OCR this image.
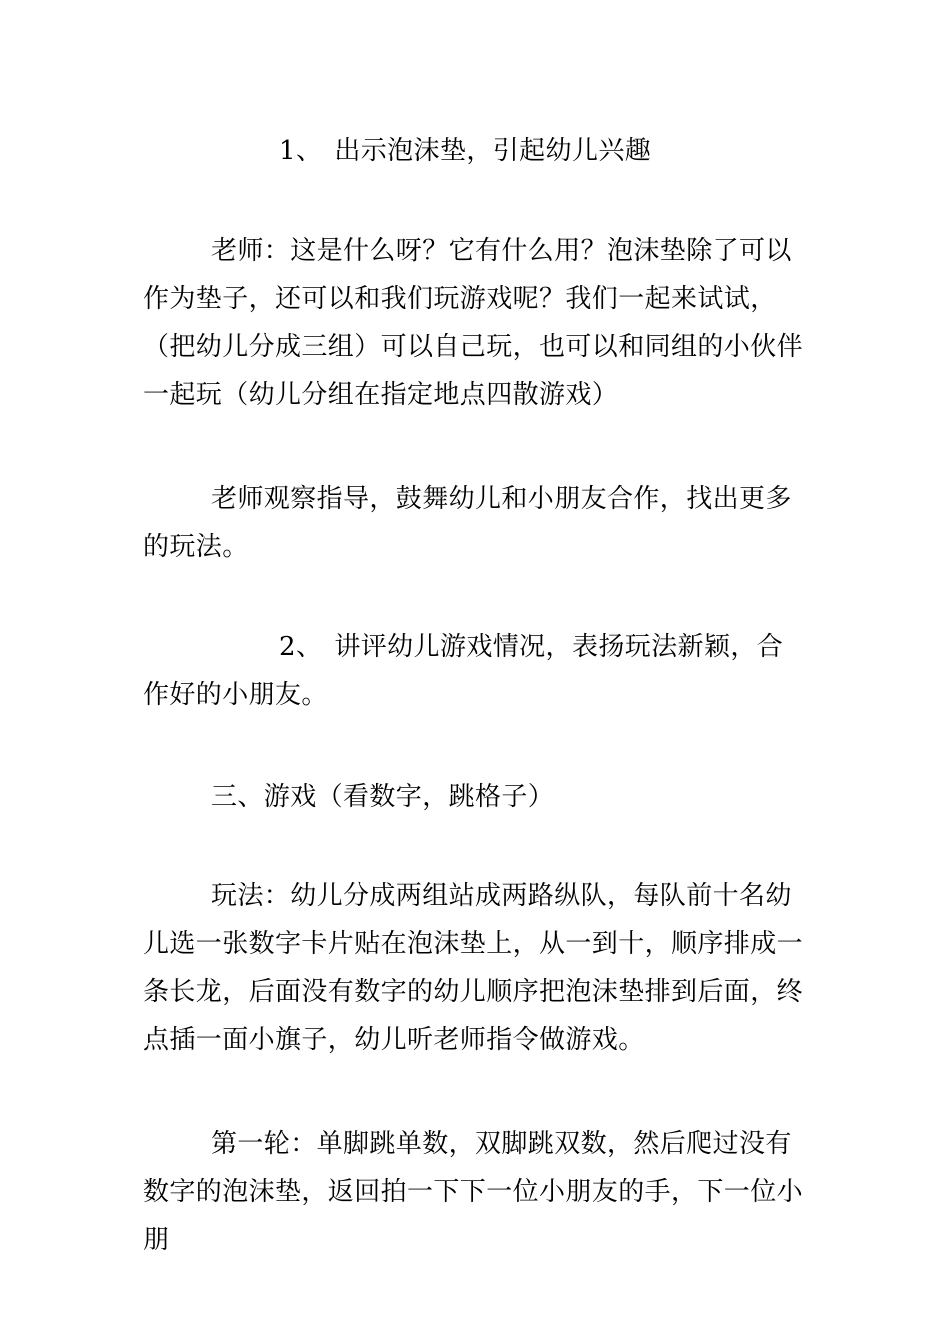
1、 出示泡沫垫，引起幼儿兴趣

老师：这是什么呀？它有什么用？泡沫垫除了可以作为垫子，还可以和我们玩游戏呢？我们一起来试试，（把幼儿分成三组）可以自己玩，也可以和同组的小伙伴一起玩（幼儿分组在指定地点四散游戏）

老师观察指导，鼓舞幼儿和小朋友合作，找出更多的玩法。

2、 讲评幼儿游戏情况，表扬玩法新颖，合作好的小朋友。

三、游戏（看数字，跳格子）

玩法：幼儿分成两组站成两路纵队，每队前十名幼儿选一张数字卡片贴在泡沫垫上，从一到十，顺序排成一条长龙，后面没有数字的幼儿顺序把泡沫垫排到后面，终点插一面小旗子，幼儿听老师指令做游戏。

第一轮：单脚跳单数，双脚跳双数，然后爬过没有数字的泡沫垫，返回拍一下下一位小朋友的手，下一位小朋
